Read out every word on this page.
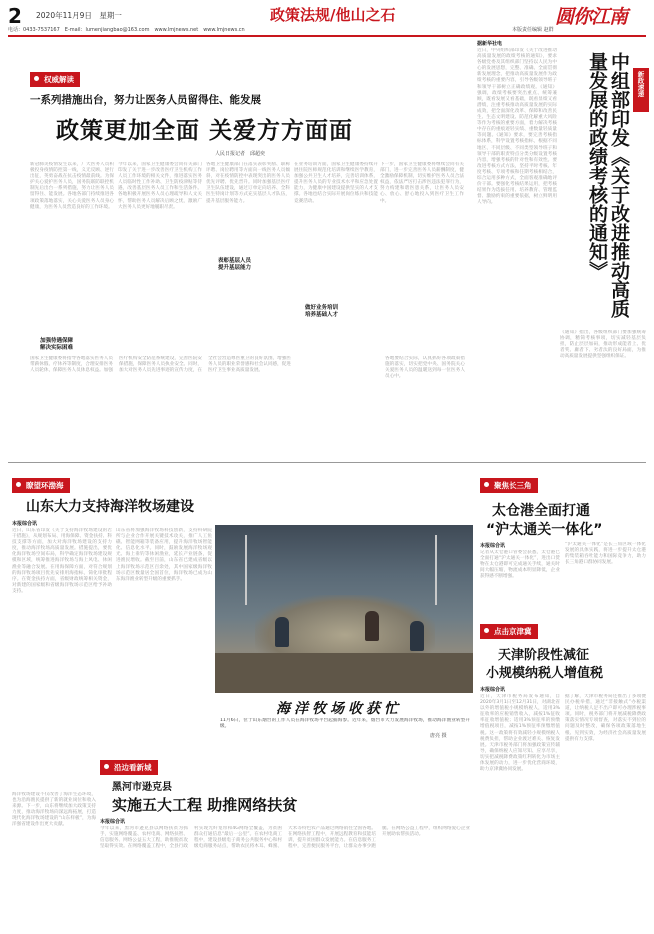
2 2020年11月9日　星期一	政策法规/他山之石	圆你江南
电话：0433-7537167　E-mail：lumenjiangbao@163.com　www.lmjnews.net　www.lmjnews.cn	本版责任编辑 赵群
权威解读
一系列措施出台，努力让医务人员留得住、能发展
政策更加全面 关爱方方面面
人民日报记者　邱超奕
新冠肺炎疫情发生以来，广大医务人员积极投身疫情防控第一线，义无反顾、逆行出征，英勇奋战在抗击疫情最前线。为保护关心爱护医务人员，国务院联防联控机制先后出台一系列措施，努力让医务人员留得住、能发展。各地各部门持续推进各项政策落地落实，关心关爱医务人员身心健康，为医务人员营造良好的工作环境。
今年以来，国家卫生健康委会同有关部门印发了关于进一步改善医疗卫生机构工作人员工作环境的相关文件，推进落实医务人员临时性工作补助、卫生防疫津贴等待遇，改善基层医务人员工作和生活条件。各地积极开展医务人员心理疏导和人文关怀，帮助医务人员解决后顾之忧，激励广大医务人员更好地履职尽责。
各地卫生健康部门在落实表彰奖励、职称评聘、岗位聘用等方面向一线医务人员倾斜，对在疫情防控中表现突出的医务人员优先评聘、优先晋升。同时加强基层医疗卫生队伍建设，通过订单定向培养、全科医生特岗计划等方式充实基层人才队伍，提升基层服务能力。
在业务培训方面，国家卫生健康委持续开展住院医师规范化培训和继续医学教育，加强公共卫生人才培养，完善培训体系，提升医务人员的专业技术水平和应急处置能力，为健康中国建设提供坚实的人才支撑。各地也结合实际开展岗位练兵和技能竞赛活动。
下一步，国家卫生健康委将继续会同有关部门，进一步完善医务人员薪酬制度，健全激励保障机制，切实维护医务人员合法权益，依法严厉打击涉医违法犯罪行为，努力构建和谐医患关系，让医务人员安心、放心、舒心地投入到医疗卫生工作中。
加强待遇保障
解决实际困难
表彰基层人员
提升基层能力
做好业务培训
培养基础人才
国家卫生健康委将指导各地落实医务人员带薪休假、疗休养等制度，合理安排医务人员轮休，保障医务人员休息权益。加强医疗机构安全防范系统建设，完善医院安保措施，保障医务人员执业安全。同时，加大对医务人员先进事迹的宣传力度，在全社会营造尊医重卫的良好氛围，增强医务人员的职业荣誉感和社会认同感，促进医疗卫生事业高质量发展。
各地要结合实际，认真抓好各项政策措施的落实，切实把党中央、国务院关心关爱医务人员的温暖送到每一位医务人员心中。
新政速递
中组部印发《关于改进推动高质量发展的政绩考核的通知》
据新华社电
近日，中央组织部印发《关于改进推动高质量发展的政绩考核的通知》，要求各级党委及其组织部门坚持以人民为中心的发展思想，完整、准确、全面贯彻新发展理念，把推动高质量发展作为政绩考核的重要内容，引导各级领导班子和领导干部树立正确政绩观。《通知》强调，政绩考核要突出重点、统筹兼顾，既看发展又看基础，既看显绩又看潜绩，注重考核推动高质量发展的实际成效，把全面深化改革、保障和改善民生、生态文明建设、防范化解重大风险等作为考核的重要方面，着力解决考核中存在的重痕迹轻实绩、重数量轻质量等问题。《通知》要求，要完善考核指标体系，科学设置考核指标，根据不同地区、不同层级、不同类型领导班子和领导干部的职责特点分类分级设置考核内容，增强考核的针对性和有效性。要改进考核方式方法，坚持平时考核、年度考核、专项考核和任期考核相结合，综合运用多种方式，全面客观准确地评价干部。要强化考核结果运用，把考核结果作为选拔任用、培养教育、管理监督、激励约束的重要依据，树立鲜明用人导向。
《通知》指出，各级组织部门要加强统筹协调，精简考核事项，切实减轻基层负担，防止层层加码，推动形成能者上、优者奖、庸者下、劣者汰的良好局面，为推动高质量发展提供坚强组织保证。
瞭望环渤海
山东大力支持海洋牧场建设
本报综合讯
近日，山东省印发《关于支持海洋牧场建设的若干措施》，从规划布局、用海保障、资金扶持、科技支撑等方面，加大对海洋牧场建设的支持力度，推动海洋牧场高质量发展。措施提出，要优化海洋牧场空间布局，科学确定海洋牧场建设规模和区域，统筹推进海洋牧场与海上风电、休闲渔业等融合发展。在用海保障方面，对符合规划的海洋牧场项目优先安排用海指标，简化审批程序。在资金扶持方面，省级财政统筹相关资金，对新建的国家级和省级海洋牧场示范区给予补助支持。
山东省将加强海洋牧场科技创新，支持科研院所与企业合作开展关键技术攻关，推广人工鱼礁、智能网箱等装备应用，提升海洋牧场智能化、信息化水平。同时，鼓励发展海洋牧场观光、海上垂钓等休闲渔业，延长产业链条，促进渔民增收。截至目前，山东省已建成省级以上海洋牧场示范区百余处，其中国家级海洋牧场示范区数量居全国首位，海洋牧场已成为山东海洋渔业转型升级的重要抓手。
海洋牧场收获忙
11月6日，位于山东烟台的工作人员在海洋牧场平台起捕海参。近年来，烟台市大力发展海洋牧场，推动海洋渔业转型升级。
唐亮 摄
聚焦长三角
太仓港全面打通
“沪太通关一体化”
本报综合讯
记者从太仓港口管委会获悉，太仓港已全面打通“沪太通关一体化”，进出口货物在太仓港即可完成通关手续，通关时间大幅压缩，物流成本明显降低，企业获得感不断增强。
“沪太通关一体化”是长三角区域一体化发展的具体实践，将进一步提升太仓港的集装箱吞吐能力和国际竞争力，助力长三角港口群协同发展。
点击京津冀
天津阶段性减征
小规模纳税人增值税
本报综合讯
近日，天津市税务局发布通知，自2020年3月1日至12月31日，对湖北省以外的增值税小规模纳税人，适用3%征收率的应税销售收入，减按1%征收率征收增值税；适用3%预征率的预缴增值税项目，减按1%预征率预缴增值税。这一政策将有效减轻小规模纳税人税费负担，帮助企业渡过难关、恢复发展。天津市税务部门将加强政策宣传辅导，确保纳税人应知尽知、应享尽享，切实把减税降费政策红利转化为市场主体发展的动力，进一步优化营商环境，助力京津冀协同发展。
据了解，天津市税务局还推出了多项便民办税举措，通过“非接触式”办税渠道，让纳税人足不出户即可办理涉税事项。同时，税务部门将开展减税降费政策落实情况专项督查，对落实不到位的问题及时整改，确保各项政策落地生根、见到实效，为经济社会高质量发展提供有力支撑。
沿边看新城
黑河市逊克县
实施五大工程 助推网络扶贫
本报综合讯
今年以来，黑河市逊克县以网络扶贫为抓手，实施网络覆盖、农村电商、网络扶智、信息服务、网络公益五大工程，助推脱贫攻坚取得实效。在网络覆盖工程中，全县行政村实现光纤宽带和4G网络全覆盖，为贫困群众打通信息“最后一公里”。在农村电商工程中，建设县级电子商务公共服务中心和村级电商服务站点，帮助农民将木耳、蜂蜜、大米等特色农产品通过网络销往全国各地。在网络扶智工程中，开展远程教育和技能培训，提升贫困群众发展能力。在信息服务工程中，完善便民服务平台，让群众办事少跑腿。在网络公益工程中，组织网络爱心企业开展助农帮扶活动。
海洋牧场建设不仅改善了海洋生态环境，也为沿海渔民提供了新的就业岗位和收入来源。下一步，山东将继续加大政策支持力度，推动海洋牧场向深远海拓展，打造现代化海洋牧场建设的“山东样板”，为海洋强省建设作出更大贡献。
